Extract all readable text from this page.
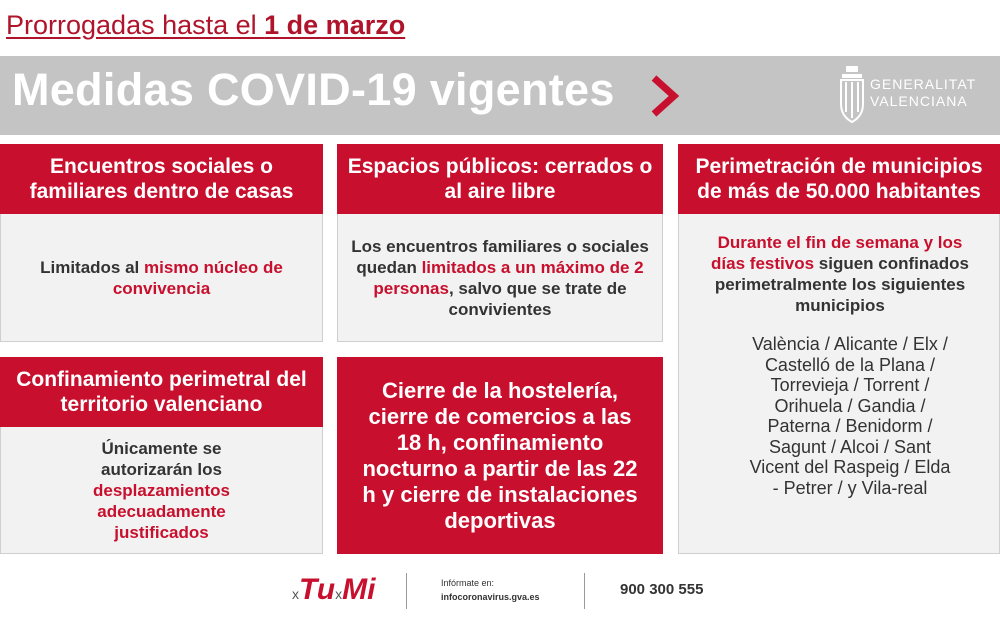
Prorrogadas hasta el 1 de marzo
Medidas COVID-19 vigentes	GENERALITAT
VALENCIANA
Encuentros sociales o familiares dentro de casas
Limitados al mismo núcleo de convivencia
Espacios públicos: cerrados o al aire libre
Los encuentros familiares o sociales quedan limitados a un máximo de 2 personas, salvo que se trate de convivientes
Perimetración de municipios de más de 50.000 habitantes
Durante el fin de semana y los días festivos siguen confinados perimetralmente los siguientes municipios
València / Alicante / Elx / Castelló de la Plana / Torrevieja / Torrent / Orihuela / Gandia / Paterna / Benidorm / Sagunt / Alcoi / Sant Vicent del Raspeig / Elda - Petrer / y Vila-real
Confinamiento perimetral del territorio valenciano
Únicamente se autorizarán los desplazamientos adecuadamente justificados
Cierre de la hostelería, cierre de comercios a las 18 h, confinamiento nocturno a partir de las 22 h y cierre de instalaciones deportivas
xTuxMi	Infórmate en:
infocoronavirus.gva.es	900 300 555
